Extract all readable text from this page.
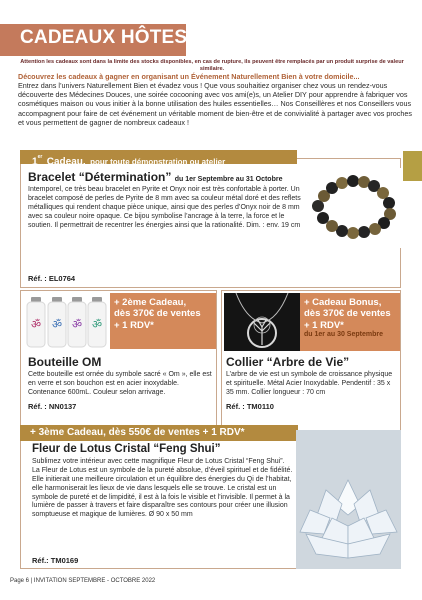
CADEAUX HÔTES (ESSES)
Attention les cadeaux sont dans la limite des stocks disponibles, en cas de rupture, ils peuvent être remplacés par un produit surprise de valeur similaire.
Découvrez les cadeaux à gagner en organisant un Événement Naturellement Bien à votre domicile...
Entrez dans l’univers Naturellement Bien et évadez vous ! Que vous souhaitiez organiser chez vous un rendez-vous découverte des Médecines Douces, une soirée cocooning avec vos ami(e)s, un Atelier DIY pour apprendre à fabriquer vos cosmétiques maison ou vous initier à la bonne utilisation des huiles essentielles… Nos Conseillères et nos Conseillers vous accompagnent pour faire de cet événement un véritable moment de bien-être et de convivialité à partager avec vos proches et vous permettent de gagner de nombreux cadeaux !
1er Cadeau, pour toute démonstration ou atelier
Bracelet “Détermination” du 1er Septembre au 31 Octobre
Intemporel, ce très beau bracelet en Pyrite et Onyx noir est très confortable à porter. Un bracelet composé de perles de Pyrite de 8 mm avec sa couleur métal doré et des reflets métalliques qui rendent chaque pièce unique, ainsi que des perles d’Onyx noir de 8 mm avec sa couleur noire opaque. Ce bijou symbolise l’ancrage à la terre, la force et le soutien. Il permettrait de recentrer les énergies ainsi que la rationalité. Dim. : env. 19 cm
Réf. : EL0764
ॐ ॐ ॐ ॐ
+ 2ème Cadeau,
dès 370€ de ventes
+ 1 RDV*
Bouteille OM
Cette bouteille est ornée du symbole sacré « Om », elle est en verre et son bouchon est en acier inoxydable. Contenance 600mL. Couleur selon arrivage.
Réf. : NN0137
+ Cadeau Bonus,
dès 370€ de ventes
+ 1 RDV*
du 1er au 30 Septembre
Collier “Arbre de Vie”
L’arbre de vie est un symbole de croissance physique et spirituelle. Métal Acier Inoxydable. Pendentif : 35 x 35 mm. Collier longueur : 70 cm
Réf. : TM0110
+ 3ème Cadeau, dès 550€ de ventes + 1 RDV*
Fleur de Lotus Cristal “Feng Shui”
Sublimez votre intérieur avec cette magnifique Fleur de Lotus Cristal “Feng Shui”. La Fleur de Lotus est un symbole de la pureté absolue, d’éveil spirituel et de fidélité. Elle initierait une meilleure circulation et un équilibre des énergies du Qi de l’habitat, elle harmoniserait les lieux de vie dans lesquels elle se trouve. Le cristal est un symbole de pureté et de limpidité, il est à la fois le visible et l’invisible. Il permet à la lumière de passer à travers et faire disparaître ses contours pour créer une illusion somptueuse et magique de lumières. Ø 90 x 50 mm
Réf.: TM0169
Page 6 | INVITATION SEPTEMBRE - OCTOBRE 2022
